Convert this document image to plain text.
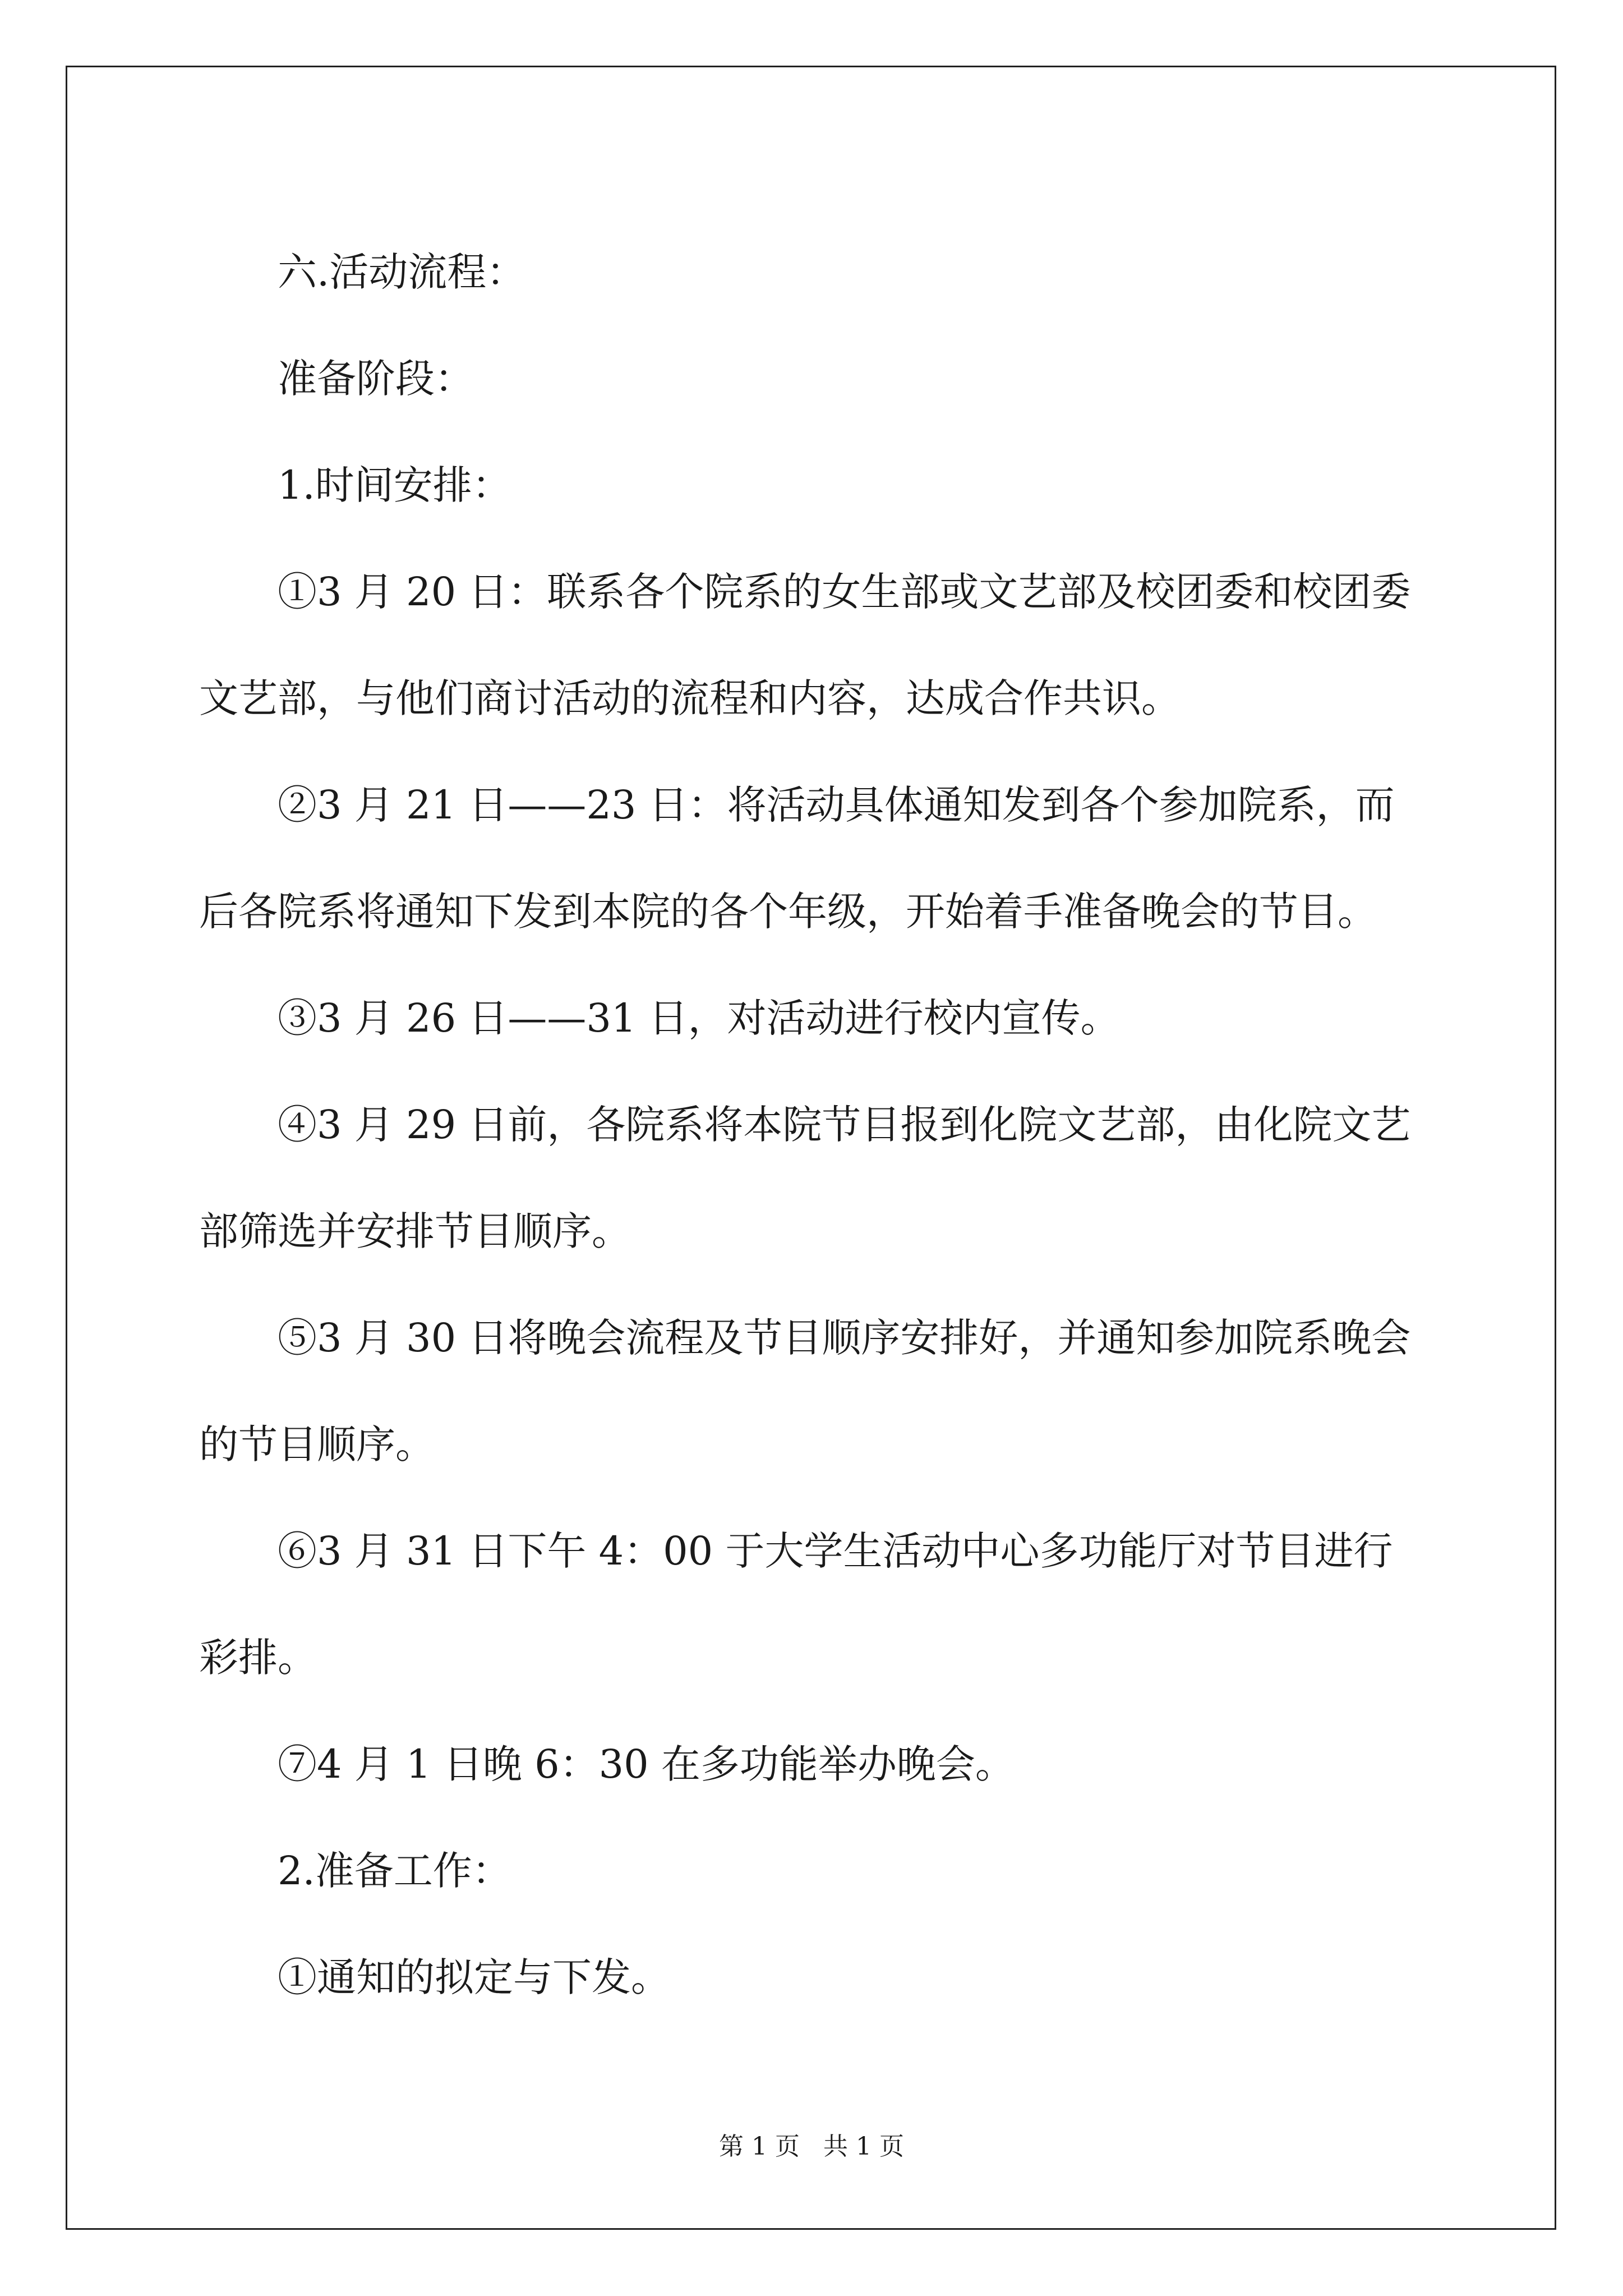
六.活动流程：

准备阶段：

1.时间安排：

①3 月 20 日：联系各个院系的女生部或文艺部及校团委和校团委文艺部，与他们商讨活动的流程和内容，达成合作共识。

②3 月 21 日——23 日：将活动具体通知发到各个参加院系，而后各院系将通知下发到本院的各个年级，开始着手准备晚会的节目。

③3 月 26 日——31 日，对活动进行校内宣传。

④3 月 29 日前，各院系将本院节目报到化院文艺部，由化院文艺部筛选并安排节目顺序。

⑤3 月 30 日将晚会流程及节目顺序安排好，并通知参加院系晚会的节目顺序。

⑥3 月 31 日下午 4：00 于大学生活动中心多功能厅对节目进行彩排。

⑦4 月 1 日晚 6：30 在多功能举办晚会。

2.准备工作：

①通知的拟定与下发。

第 1 页   共 1 页
